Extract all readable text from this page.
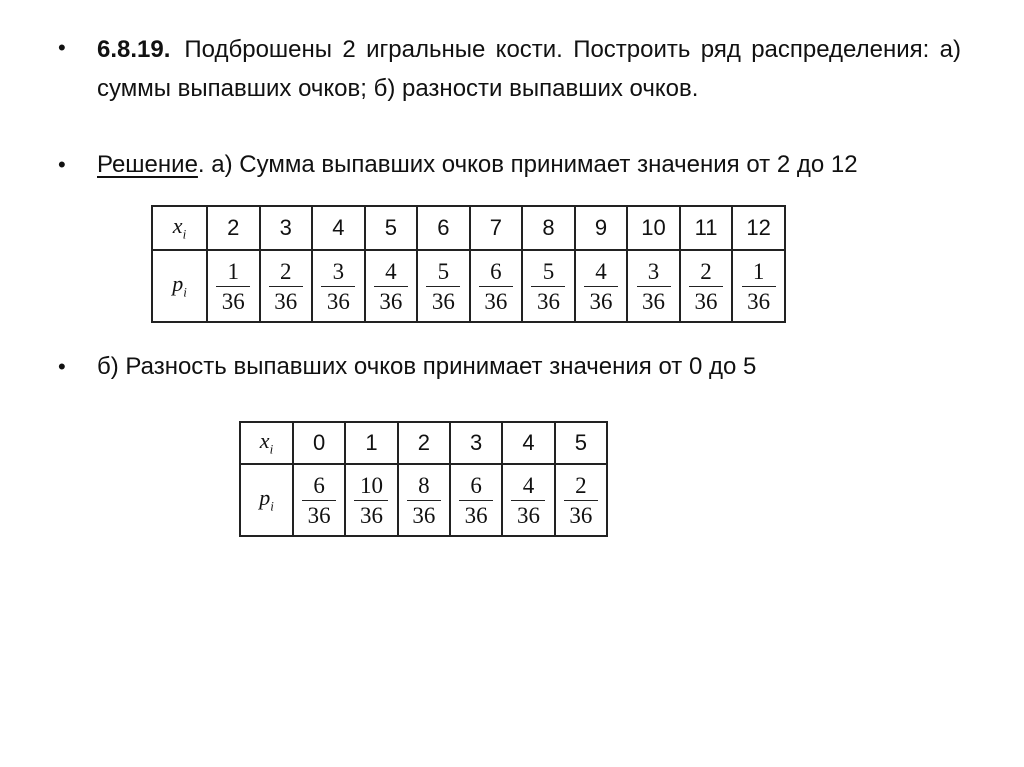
• 6.8.19. Подброшены 2 игральные кости. Построить ряд распределения: а) суммы выпавших очков; б) разности выпавших очков.
• Решение. а) Сумма выпавших очков принимает значения от 2 до 12
$x_i$	2	3	4	5	6	7	8	9	10	11	12
$p_i$	$\frac{1}{36}$	$\frac{2}{36}$	$\frac{3}{36}$	$\frac{4}{36}$	$\frac{5}{36}$	$\frac{6}{36}$	$\frac{5}{36}$	$\frac{4}{36}$	$\frac{3}{36}$	$\frac{2}{36}$	$\frac{1}{36}$
• б) Разность выпавших очков принимает значения от 0 до 5
$x_i$	0	1	2	3	4	5
$p_i$	$\frac{6}{36}$	$\frac{10}{36}$	$\frac{8}{36}$	$\frac{6}{36}$	$\frac{4}{36}$	$\frac{2}{36}$
